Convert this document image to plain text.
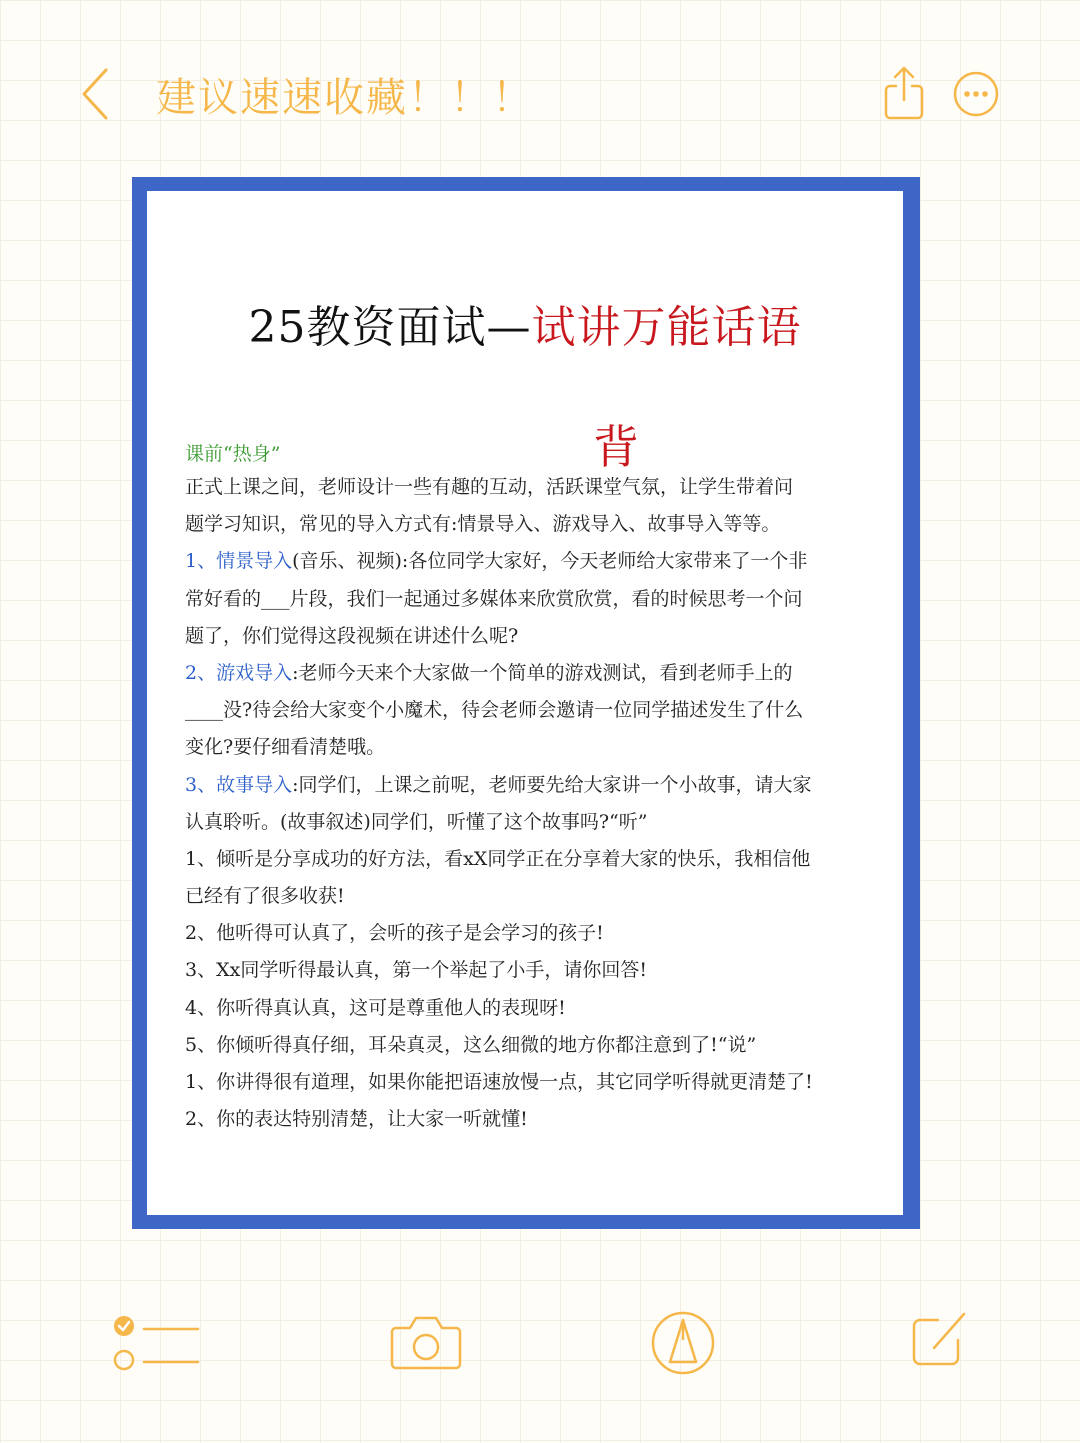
建议速速收藏！！！
25教资面试—试讲万能话语
背
课前“热身”
正式上课之间，老师设计一些有趣的互动，活跃课堂气氛，让学生带着问
题学习知识，常见的导入方式有:情景导入、游戏导入、故事导入等等。
1、情景导入(音乐、视频):各位同学大家好，今天老师给大家带来了一个非
常好看的___片段，我们一起通过多媒体来欣赏欣赏，看的时候思考一个问
题了，你们觉得这段视频在讲述什么呢?
2、游戏导入:老师今天来个大家做一个简单的游戏测试，看到老师手上的
____没?待会给大家变个小魔术，待会老师会邀请一位同学描述发生了什么
变化?要仔细看清楚哦。
3、故事导入:同学们，上课之前呢，老师要先给大家讲一个小故事，请大家
认真聆听。(故事叙述)同学们，听懂了这个故事吗?“听”
1、倾听是分享成功的好方法，看xX同学正在分享着大家的快乐，我相信他
已经有了很多收获!
2、他听得可认真了，会听的孩子是会学习的孩子!
3、Xx同学听得最认真，第一个举起了小手，请你回答!
4、你听得真认真，这可是尊重他人的表现呀!
5、你倾听得真仔细，耳朵真灵，这么细微的地方你都注意到了!“说”
1、你讲得很有道理，如果你能把语速放慢一点，其它同学听得就更清楚了!
2、你的表达特别清楚，让大家一听就懂!
